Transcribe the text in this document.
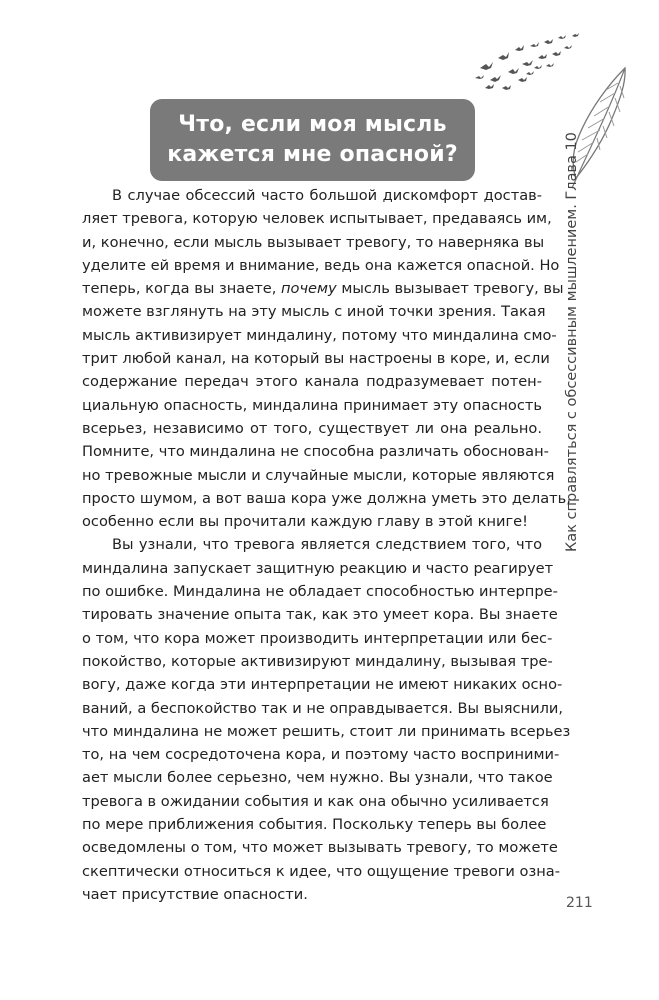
Что, если моя мысль
кажется мне опасной?	Как справляться с обсессивным мышлением. Глава 10
В случае обсессий часто большой дискомфорт достав-
ляет тревога, которую человек испытывает, предаваясь им,
и, конечно, если мысль вызывает тревогу, то наверняка вы
уделите ей время и внимание, ведь она кажется опасной. Но
теперь, когда вы знаете, почему мысль вызывает тревогу, вы
можете взглянуть на эту мысль с иной точки зрения. Такая
мысль активизирует миндалину, потому что миндалина смо-
трит любой канал, на который вы настроены в коре, и, если
содержание передач этого канала подразумевает потен-
циальную опасность, миндалина принимает эту опасность
всерьез, независимо от того, существует ли она реально.
Помните, что миндалина не способна различать обоснован-
но тревожные мысли и случайные мысли, которые являются
просто шумом, а вот ваша кора уже должна уметь это делать,
особенно если вы прочитали каждую главу в этой книге!
Вы узнали, что тревога является следствием того, что
миндалина запускает защитную реакцию и часто реагирует
по ошибке. Миндалина не обладает способностью интерпре-
тировать значение опыта так, как это умеет кора. Вы знаете
о том, что кора может производить интерпретации или бес-
покойство, которые активизируют миндалину, вызывая тре-
вогу, даже когда эти интерпретации не имеют никаких осно-
ваний, а беспокойство так и не оправдывается. Вы выяснили,
что миндалина не может решить, стоит ли принимать всерьез
то, на чем сосредоточена кора, и поэтому часто восприними-
ает мысли более серьезно, чем нужно. Вы узнали, что такое
тревога в ожидании события и как она обычно усиливается
по мере приближения события. Поскольку теперь вы более
осведомлены о том, что может вызывать тревогу, то можете
скептически относиться к идее, что ощущение тревоги озна-
чает присутствие опасности.
211
